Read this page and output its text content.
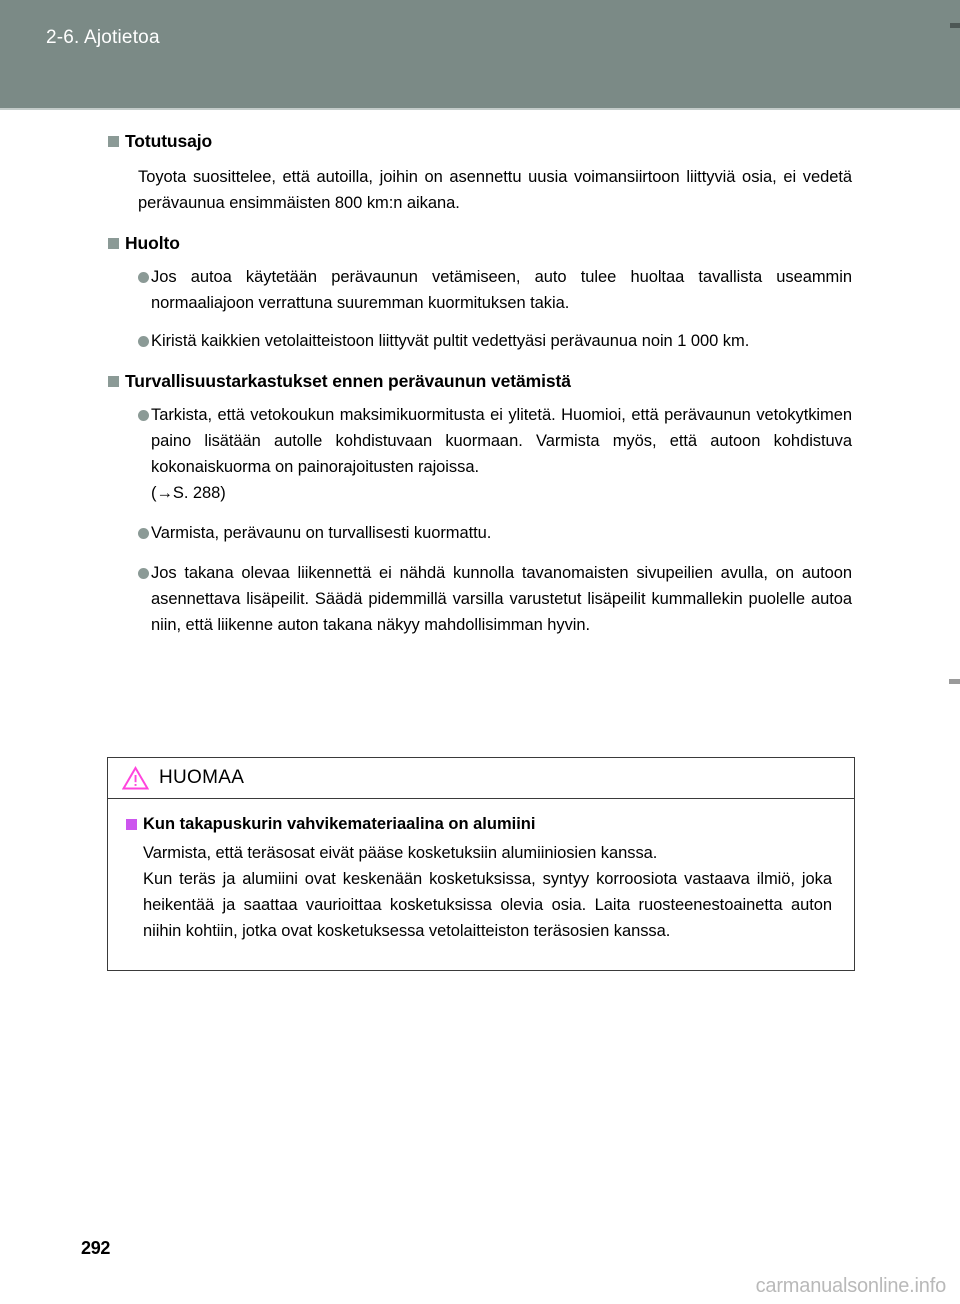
2-6. Ajotietoa
Totutusajo
Toyota suosittelee, että autoilla, joihin on asennettu uusia voimansiirtoon liittyviä osia, ei vedetä perävaunua ensimmäisten 800 km:n aikana.
Huolto
Jos autoa käytetään perävaunun vetämiseen, auto tulee huoltaa tavallista useammin normaaliajoon verrattuna suuremman kuormituksen takia.
Kiristä kaikkien vetolaitteistoon liittyvät pultit vedettyäsi perävaunua noin 1 000 km.
Turvallisuustarkastukset ennen perävaunun vetämistä
Tarkista, että vetokoukun maksimikuormitusta ei ylitetä. Huomioi, että perävaunun vetokytkimen paino lisätään autolle kohdistuvaan kuormaan. Varmista myös, että autoon kohdistuva kokonaiskuorma on painorajoitusten rajoissa.
(→S. 288)
Varmista, perävaunu on turvallisesti kuormattu.
Jos takana olevaa liikennettä ei nähdä kunnolla tavanomaisten sivupeilien avulla, on autoon asennettava lisäpeilit. Säädä pidemmillä varsilla varustetut lisäpeilit kummallekin puolelle autoa niin, että liikenne auton takana näkyy mahdollisimman hyvin.
HUOMAA
Kun takapuskurin vahvikemateriaalina on alumiini
Varmista, että teräsosat eivät pääse kosketuksiin alumiiniosien kanssa.
Kun teräs ja alumiini ovat keskenään kosketuksissa, syntyy korroosiota vastaava ilmiö, joka heikentää ja saattaa vaurioittaa kosketuksissa olevia osia. Laita ruosteenestoainetta auton niihin kohtiin, jotka ovat kosketuksessa vetolaitteiston teräsosien kanssa.
292
carmanualsonline.info
